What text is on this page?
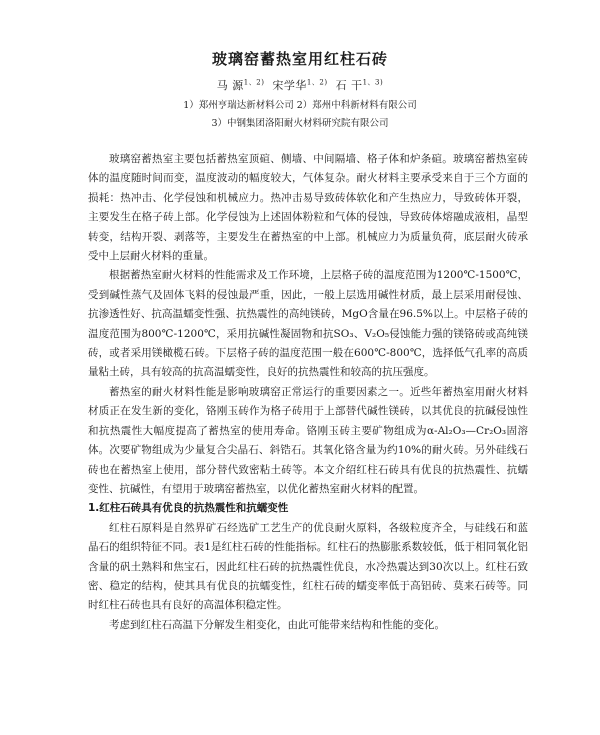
玻璃窑蓄热室用红柱石砖
马 源$^{1、2)}$ 宋学华$^{1、2)}$ 石 干$^{1、3)}$
1）郑州亨瑞达新材料公司 2）郑州中科新材料有限公司
3）中钢集团洛阳耐火材料研究院有限公司

玻璃窑蓄热室主要包括蓄热室顶碹、侧墙、中间隔墙、格子体和炉条碹。玻璃窑蓄热室砖体的温度随时间而变，温度波动的幅度较大，气体复杂。耐火材料主要承受来自于三个方面的损耗：热冲击、化学侵蚀和机械应力。热冲击易导致砖体软化和产生热应力，导致砖体开裂，主要发生在格子砖上部。化学侵蚀为上述固体粉粒和气体的侵蚀，导致砖体熔融成液相，晶型转变，结构开裂、剥落等，主要发生在蓄热室的中上部。机械应力为质量负荷，底层耐火砖承受中上层耐火材料的重量。

根据蓄热室耐火材料的性能需求及工作环境，上层格子砖的温度范围为1200℃-1500℃，受到碱性蒸气及固体飞料的侵蚀最严重，因此，一般上层选用碱性材质，最上层采用耐侵蚀、抗渗透性好、抗高温蠕变性强、抗热震性的高纯镁砖，MgO含量在96.5%以上。中层格子砖的温度范围为800℃-1200℃，采用抗碱性凝固物和抗SO₃、V₂O₅侵蚀能力强的镁铬砖或高纯镁砖，或者采用镁橄榄石砖。下层格子砖的温度范围一般在600℃-800℃，选择低气孔率的高质量粘土砖，具有较高的抗高温蠕变性，良好的抗热震性和较高的抗压强度。

蓄热室的耐火材料性能是影响玻璃窑正常运行的重要因素之一。近些年蓄热室用耐火材料材质正在发生新的变化，铬刚玉砖作为格子砖用于上部替代碱性镁砖，以其优良的抗碱侵蚀性和抗热震性大幅度提高了蓄热室的使用寿命。铬刚玉砖主要矿物组成为α-Al₂O₃—Cr₂O₃固溶体。次要矿物组成为少量复合尖晶石、斜锆石。其氧化铬含量为约10%的耐火砖。另外硅线石砖也在蓄热室上使用，部分替代致密粘土砖等。本文介绍红柱石砖具有优良的抗热震性、抗蠕变性、抗碱性，有望用于玻璃窑蓄热室，以优化蓄热室耐火材料的配置。

1.红柱石砖具有优良的抗热震性和抗蠕变性

红柱石原料是自然界矿石经选矿工艺生产的优良耐火原料，各级粒度齐全，与硅线石和蓝晶石的组织特征不同。表1是红柱石砖的性能指标。红柱石的热膨胀系数较低，低于相同氧化铝含量的矾土熟料和焦宝石，因此红柱石砖的抗热震性优良，水冷热震达到30次以上。红柱石致密、稳定的结构，使其具有优良的抗蠕变性，红柱石砖的蠕变率低于高铝砖、莫来石砖等。同时红柱石砖也具有良好的高温体积稳定性。

考虑到红柱石高温下分解发生相变化，由此可能带来结构和性能的变化。
